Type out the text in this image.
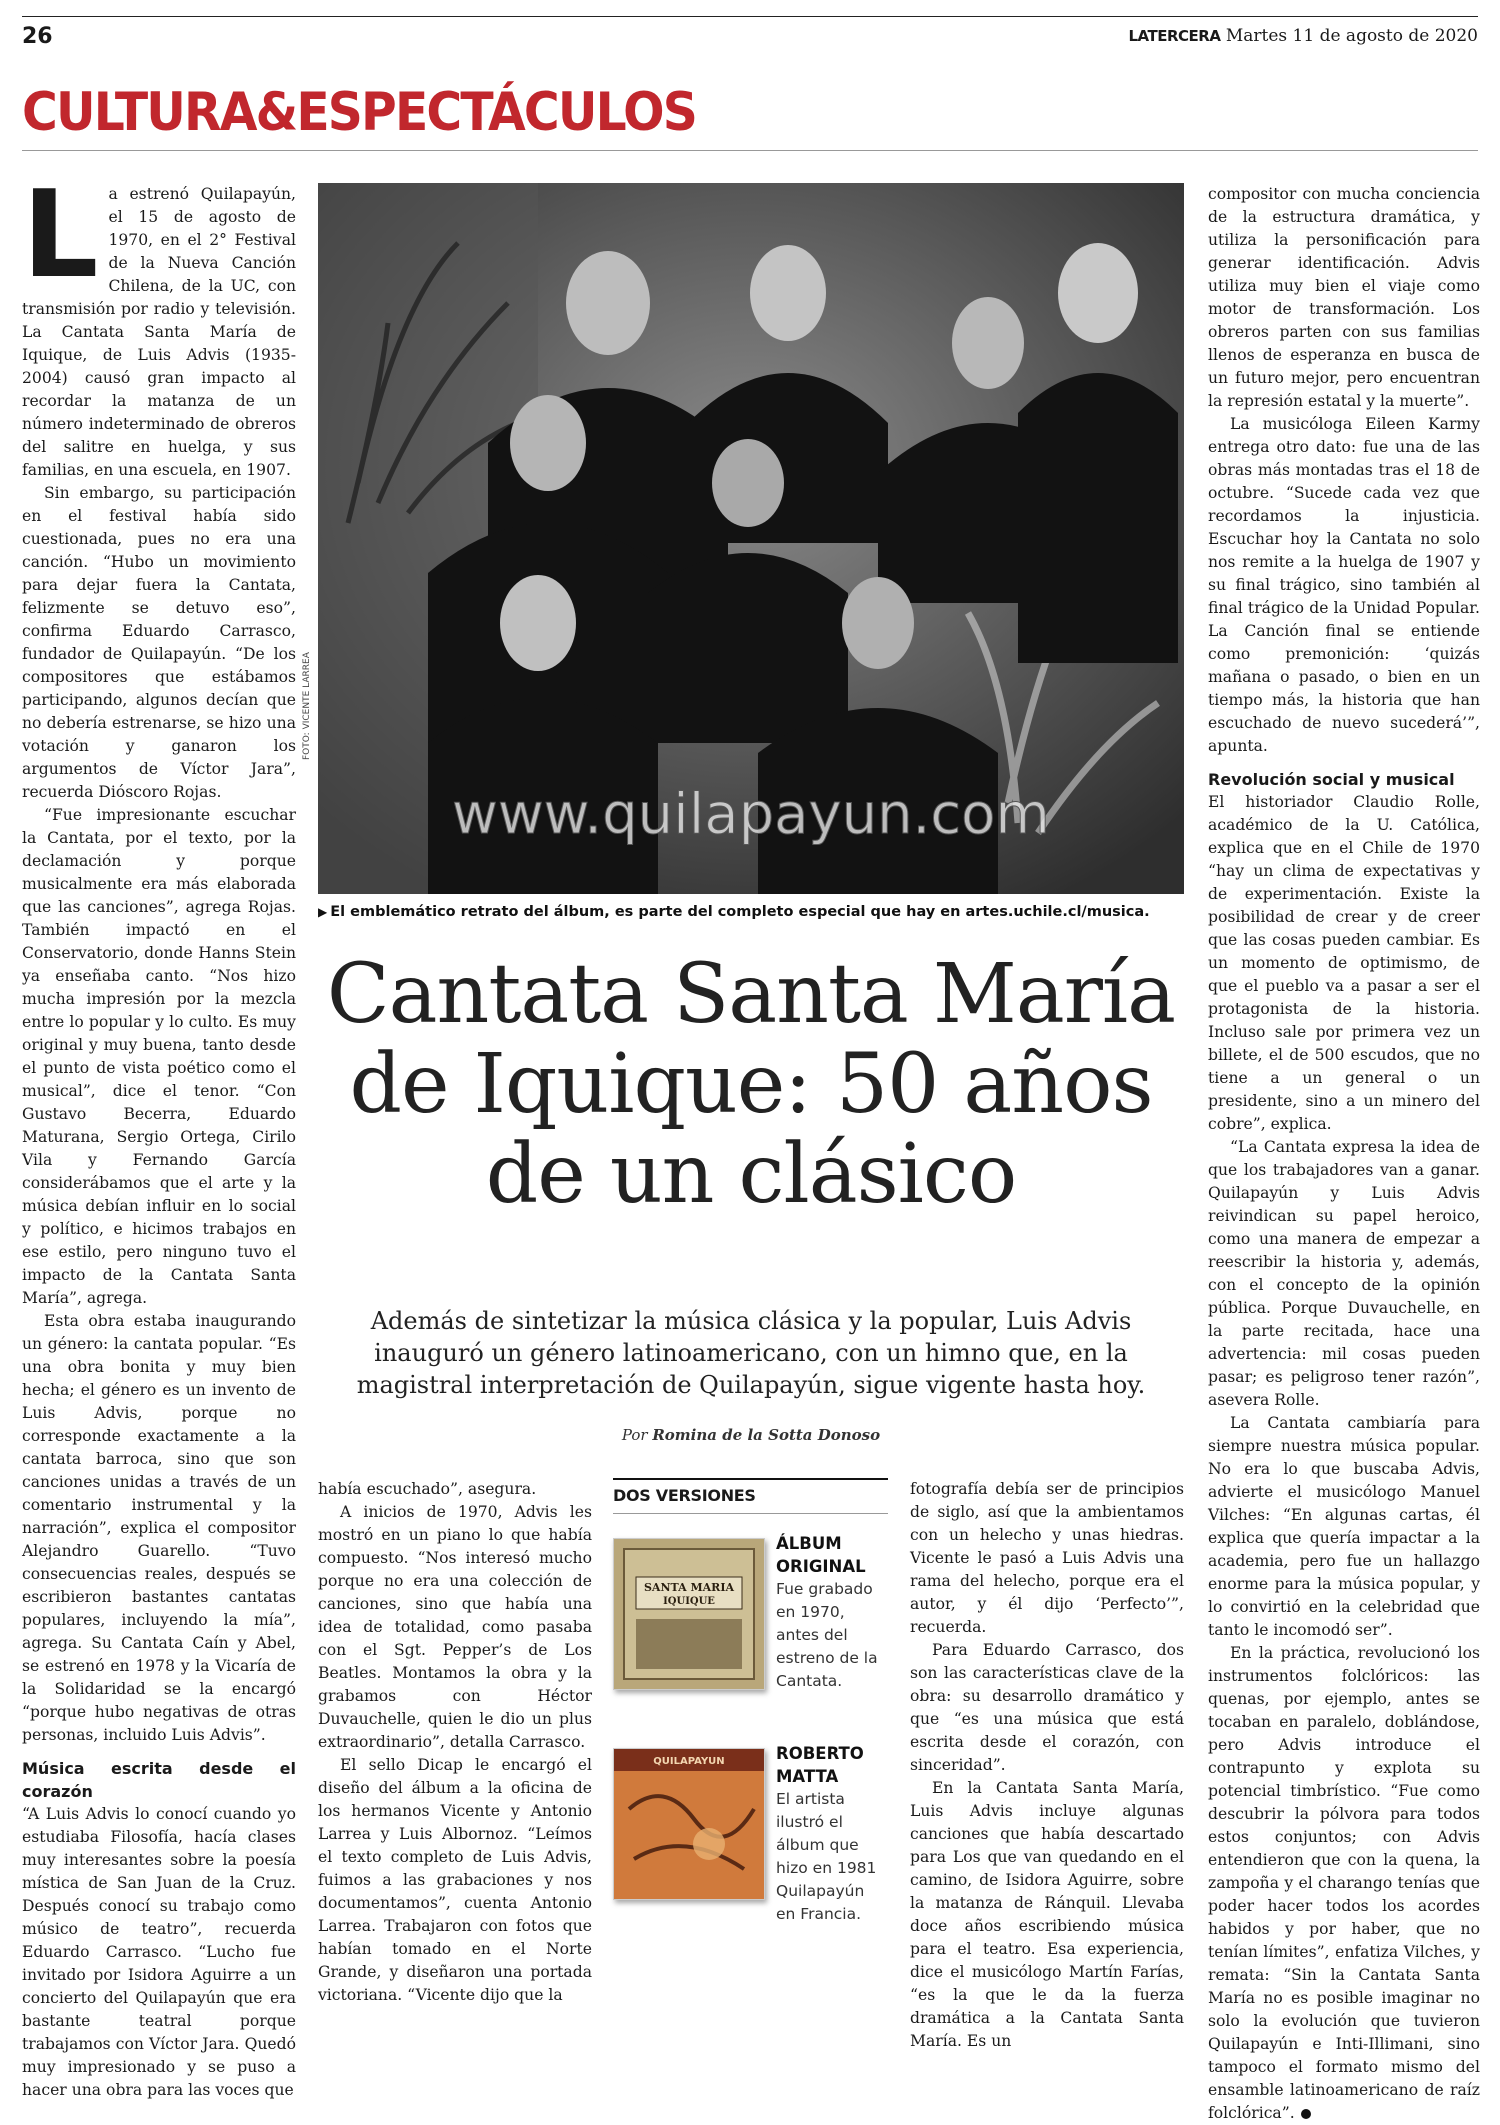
26	LATERCERA Martes 11 de agosto de 2020
CULTURA&ESPECTÁCULOS
L a estrenó Quilapayún, el 15 de agosto de 1970, en el 2° Festival de la Nueva Canción Chilena, de la UC, con transmisión por radio y televisión. La Cantata Santa María de Iquique, de Luis Advis (1935-2004) causó gran impacto al recordar la matanza de un número indeterminado de obreros del salitre en huelga, y sus familias, en una escuela, en 1907.

Sin embargo, su participación en el festival había sido cuestionada, pues no era una canción. “Hubo un movimiento para dejar fuera la Cantata, felizmente se detuvo eso”, confirma Eduardo Carrasco, fundador de Quilapayún. “De los compositores que estábamos participando, algunos decían que no debería estrenarse, se hizo una votación y ganaron los argumentos de Víctor Jara”, recuerda Dióscoro Rojas.

“Fue impresionante escuchar la Cantata, por el texto, por la declamación y porque musicalmente era más elaborada que las canciones”, agrega Rojas. También impactó en el Conservatorio, donde Hanns Stein ya enseñaba canto. “Nos hizo mucha impresión por la mezcla entre lo popular y lo culto. Es muy original y muy buena, tanto desde el punto de vista poético como el musical”, dice el tenor. “Con Gustavo Becerra, Eduardo Maturana, Sergio Ortega, Cirilo Vila y Fernando García considerábamos que el arte y la música debían influir en lo social y político, e hicimos trabajos en ese estilo, pero ninguno tuvo el impacto de la Cantata Santa María”, agrega.

Esta obra estaba inaugurando un género: la cantata popular. “Es una obra bonita y muy bien hecha; el género es un invento de Luis Advis, porque no corresponde exactamente a la cantata barroca, sino que son canciones unidas a través de un comentario instrumental y la narración”, explica el compositor Alejandro Guarello. “Tuvo consecuencias reales, después se escribieron bastantes cantatas populares, incluyendo la mía”, agrega. Su Cantata Caín y Abel, se estrenó en 1978 y la Vicaría de la Solidaridad se la encargó “porque hubo negativas de otras personas, incluido Luis Advis”.

Música escrita desde el corazón

“A Luis Advis lo conocí cuando yo estudiaba Filosofía, hacía clases muy interesantes sobre la poesía mística de San Juan de la Cruz. Después conocí su trabajo como músico de teatro”, recuerda Eduardo Carrasco. “Lucho fue invitado por Isidora Aguirre a un concierto del Quilapayún que era bastante teatral porque trabajamos con Víctor Jara. Quedó muy impresionado y se puso a hacer una obra para las voces que

www.quilapayun.com
FOTO: VICENTE LARREA
▶ El emblemático retrato del álbum, es parte del completo especial que hay en artes.uchile.cl/musica.
Cantata Santa María
de Iquique: 50 años
de un clásico
Además de sintetizar la música clásica y la popular, Luis Advis inauguró un género latinoamericano, con un himno que, en la magistral interpretación de Quilapayún, sigue vigente hasta hoy.
Por Romina de la Sotta Donoso

había escuchado”, asegura.

A inicios de 1970, Advis les mostró en un piano lo que había compuesto. “Nos interesó mucho porque no era una colección de canciones, sino que había una idea de totalidad, como pasaba con el Sgt. Pepper’s de Los Beatles. Montamos la obra y la grabamos con Héctor Duvauchelle, quien le dio un plus extraordinario”, detalla Carrasco.

El sello Dicap le encargó el diseño del álbum a la oficina de los hermanos Vicente y Antonio Larrea y Luis Albornoz. “Leímos el texto completo de Luis Advis, fuimos a las grabaciones y nos documentamos”, cuenta Antonio Larrea. Trabajaron con fotos que habían tomado en el Norte Grande, y diseñaron una portada victoriana. “Vicente dijo que la

DOS VERSIONES
SANTA MARIA
IQUIQUE
ÁLBUM ORIGINAL
Fue grabado en 1970, antes del estreno de la Cantata.
QUILAPAYUN	ROBERTO MATTA
El artista ilustró el álbum que hizo en 1981 Quilapayún en Francia.

fotografía debía ser de principios de siglo, así que la ambientamos con un helecho y unas hiedras. Vicente le pasó a Luis Advis una rama del helecho, porque era el autor, y él dijo ‘Perfecto’”, recuerda.

Para Eduardo Carrasco, dos son las características clave de la obra: su desarrollo dramático y que “es una música que está escrita desde el corazón, con sinceridad”.

En la Cantata Santa María, Luis Advis incluye algunas canciones que había descartado para Los que van quedando en el camino, de Isidora Aguirre, sobre la matanza de Ránquil. Llevaba doce años escribiendo música para el teatro. Esa experiencia, dice el musicólogo Martín Farías, “es la que le da la fuerza dramática a la Cantata Santa María. Es un

compositor con mucha conciencia de la estructura dramática, y utiliza la personificación para generar identificación. Advis utiliza muy bien el viaje como motor de transformación. Los obreros parten con sus familias llenos de esperanza en busca de un futuro mejor, pero encuentran la represión estatal y la muerte”.

La musicóloga Eileen Karmy entrega otro dato: fue una de las obras más montadas tras el 18 de octubre. “Sucede cada vez que recordamos la injusticia. Escuchar hoy la Cantata no solo nos remite a la huelga de 1907 y su final trágico, sino también al final trágico de la Unidad Popular. La Canción final se entiende como premonición: ‘quizás mañana o pasado, o bien en un tiempo más, la historia que han escuchado de nuevo sucederá’”, apunta.

Revolución social y musical

El historiador Claudio Rolle, académico de la U. Católica, explica que en el Chile de 1970 “hay un clima de expectativas y de experimentación. Existe la posibilidad de crear y de creer que las cosas pueden cambiar. Es un momento de optimismo, de que el pueblo va a pasar a ser el protagonista de la historia. Incluso sale por primera vez un billete, el de 500 escudos, que no tiene a un general o un presidente, sino a un minero del cobre”, explica.

“La Cantata expresa la idea de que los trabajadores van a ganar. Quilapayún y Luis Advis reivindican su papel heroico, como una manera de empezar a reescribir la historia y, además, con el concepto de la opinión pública. Porque Duvauchelle, en la parte recitada, hace una advertencia: mil cosas pueden pasar; es peligroso tener razón”, asevera Rolle.

La Cantata cambiaría para siempre nuestra música popular. No era lo que buscaba Advis, advierte el musicólogo Manuel Vilches: “En algunas cartas, él explica que quería impactar a la academia, pero fue un hallazgo enorme para la música popular, y lo convirtió en la celebridad que tanto le incomodó ser”.

En la práctica, revolucionó los instrumentos folclóricos: las quenas, por ejemplo, antes se tocaban en paralelo, doblándose, pero Advis introduce el contrapunto y explota su potencial timbrístico. “Fue como descubrir la pólvora para todos estos conjuntos; con Advis entendieron que con la quena, la zampoña y el charango tenías que poder hacer todos los acordes habidos y por haber, que no tenían límites”, enfatiza Vilches, y remata: “Sin la Cantata Santa María no es posible imaginar no solo la evolución que tuvieron Quilapayún e Inti-Illimani, sino tampoco el formato mismo del ensamble latinoamericano de raíz folclórica”.
